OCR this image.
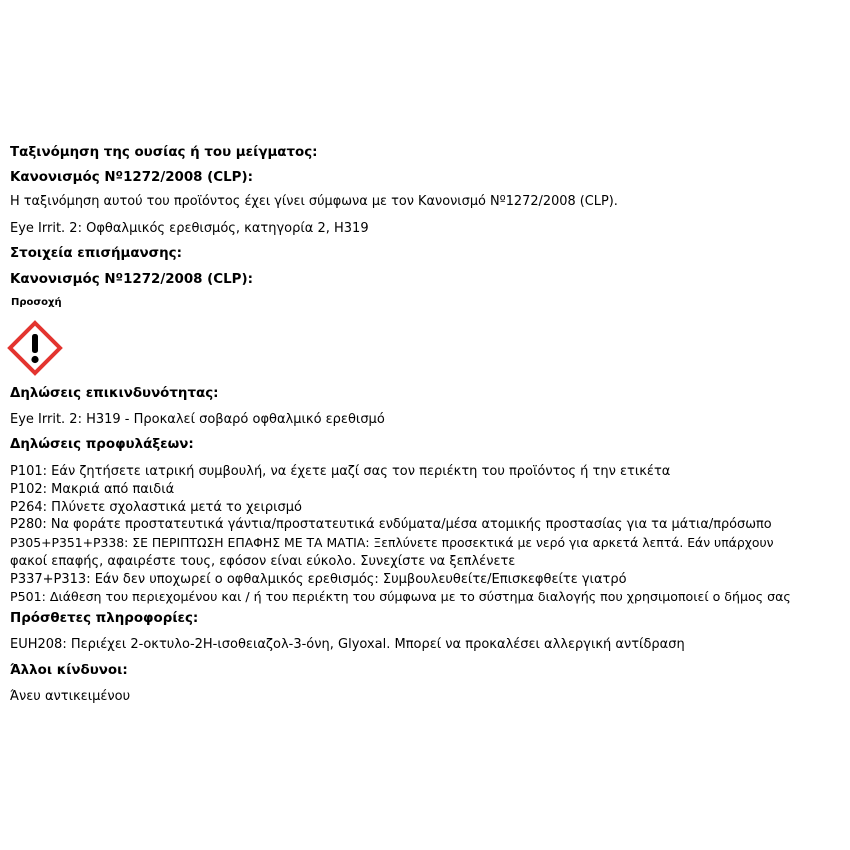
Ταξινόμηση της ουσίας ή του μείγματος:
Κανονισμός Nº1272/2008 (CLP):
Η ταξινόμηση αυτού του προϊόντος έχει γίνει σύμφωνα με τον Κανονισμό Nº1272/2008 (CLP).
Eye Irrit. 2: Οφθαλμικός ερεθισμός, κατηγορία 2, H319
Στοιχεία επισήμανσης:
Κανονισμός Nº1272/2008 (CLP):
Προσοχή
Δηλώσεις επικινδυνότητας:
Eye Irrit. 2: H319 - Προκαλεί σοβαρό οφθαλμικό ερεθισμό
Δηλώσεις προφυλάξεων:
P101: Εάν ζητήσετε ιατρική συμβουλή, να έχετε μαζί σας τον περιέκτη του προϊόντος ή την ετικέτα
P102: Μακριά από παιδιά
P264: Πλύνετε σχολαστικά μετά το χειρισμό
P280: Να φοράτε προστατευτικά γάντια/προστατευτικά ενδύματα/μέσα ατομικής προστασίας για τα μάτια/πρόσωπο
P305+P351+P338: ΣΕ ΠΕΡΙΠΤΩΣΗ ΕΠΑΦΗΣ ΜΕ ΤΑ ΜΑΤΙΑ: Ξεπλύνετε προσεκτικά με νερό για αρκετά λεπτά. Εάν υπάρχουν
φακοί επαφής, αφαιρέστε τους, εφόσον είναι εύκολο. Συνεχίστε να ξεπλένετε
P337+P313: Εάν δεν υποχωρεί ο οφθαλμικός ερεθισμός: Συμβουλευθείτε/Επισκεφθείτε γιατρό
P501: Διάθεση του περιεχομένου και / ή του περιέκτη του σύμφωνα με το σύστημα διαλογής που χρησιμοποιεί ο δήμος σας
Πρόσθετες πληροφορίες:
EUH208: Περιέχει 2-οκτυλο-2H-ισοθειαζολ-3-όνη, Glyoxal. Μπορεί να προκαλέσει αλλεργική αντίδραση
Άλλοι κίνδυνοι:
Άνευ αντικειμένου
